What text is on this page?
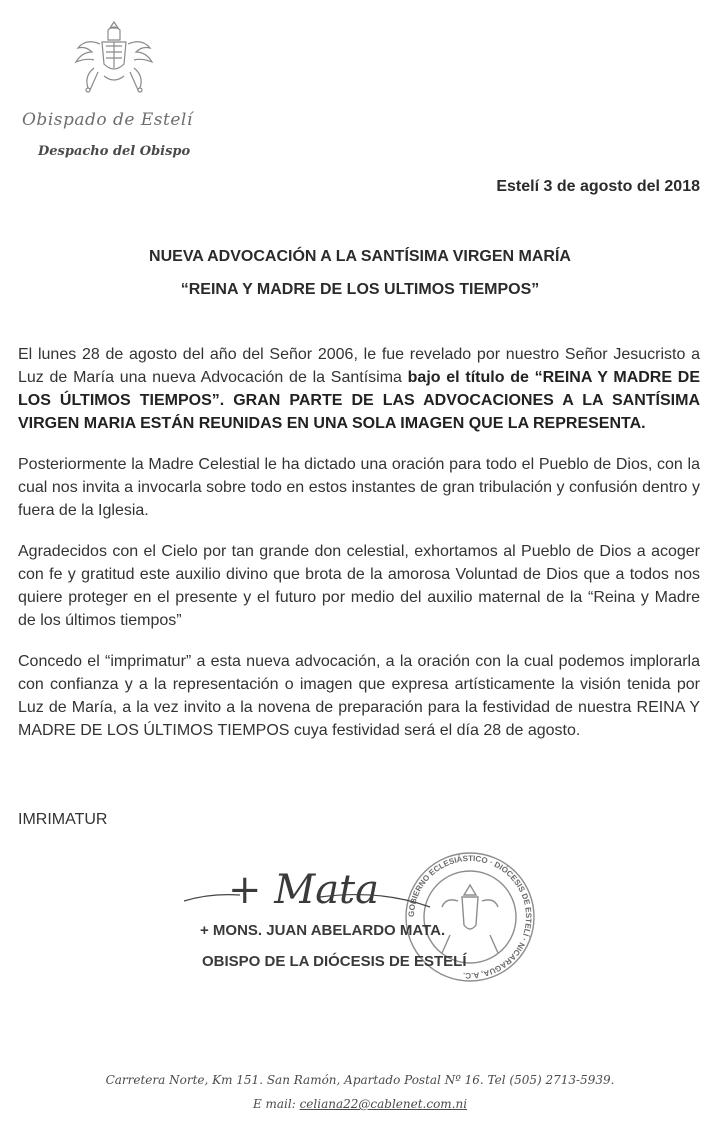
Obispado de Estelí
Despacho del Obispo
Estelí 3 de agosto del 2018
NUEVA ADVOCACIÓN A LA SANTÍSIMA VIRGEN MARÍA
“REINA Y MADRE DE LOS ULTIMOS TIEMPOS”

El lunes 28 de agosto del año del Señor 2006, le fue revelado por nuestro Señor Jesucristo a Luz de María una nueva Advocación de la Santísima bajo el título de “REINA Y MADRE DE LOS ÚLTIMOS TIEMPOS”. GRAN PARTE DE LAS ADVOCACIONES A LA SANTÍSIMA VIRGEN MARIA ESTÁN REUNIDAS EN UNA SOLA IMAGEN QUE LA REPRESENTA.

Posteriormente la Madre Celestial le ha dictado una oración para todo el Pueblo de Dios, con la cual nos invita a invocarla sobre todo en estos instantes de gran tribulación y confusión dentro y fuera de la Iglesia.

Agradecidos con el Cielo por tan grande don celestial, exhortamos al Pueblo de Dios a acoger con fe y gratitud este auxilio divino que brota de la amorosa Voluntad de Dios que a todos nos quiere proteger en el presente y el futuro por medio del auxilio maternal de la “Reina y Madre de los últimos tiempos”

Concedo el “imprimatur” a esta nueva advocación, a la oración con la cual podemos implorarla con confianza y a la representación o imagen que expresa artísticamente la visión tenida por Luz de María, a la vez invito a la novena de preparación para la festividad de nuestra REINA Y MADRE DE LOS ÚLTIMOS TIEMPOS cuya festividad será el día 28 de agosto.

IMRIMATUR
GOBIERNO ECLESIÁSTICO · DIÓCESIS DE ESTELÍ · NICARAGUA, A.C.
+ Mata
+ MONS. JUAN ABELARDO MATA.
OBISPO DE LA DIÓCESIS DE ESTELÍ
Carretera Norte, Km 151. San Ramón, Apartado Postal Nº 16. Tel (505) 2713-5939.
E mail: celiana22@cablenet.com.ni
